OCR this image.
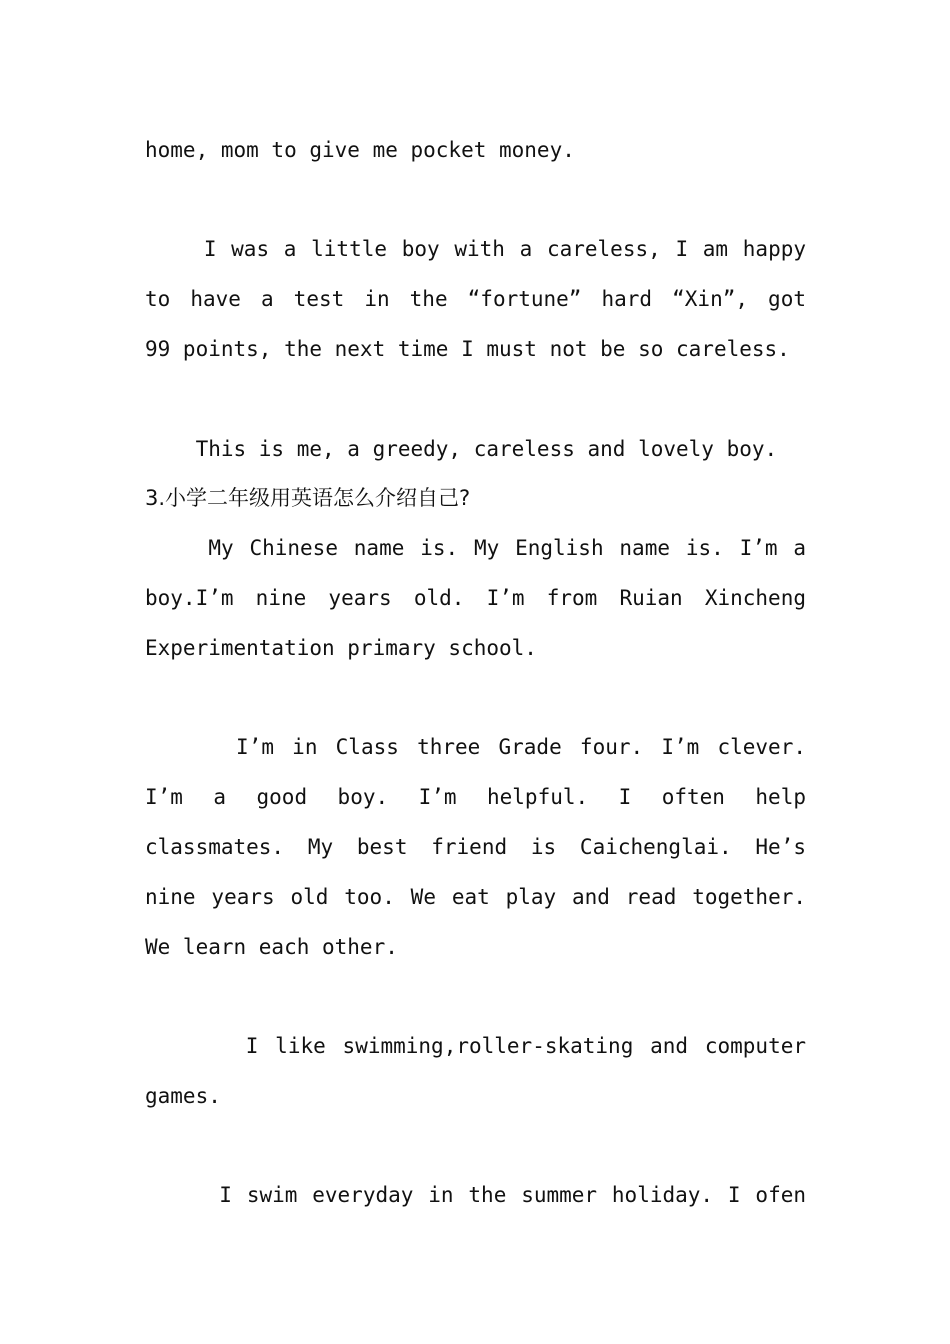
home, mom to give me pocket money.
I was a little boy with a careless, I am happy
to have a test in the “fortune” hard “Xin”, got
99 points, the next time I must not be so careless.
This is me, a greedy, careless and lovely boy.
3.小学二年级用英语怎么介绍自己?
My Chinese name is. My English name is. I’m a
boy.I’m nine years old. I’m from Ruian Xincheng
Experimentation primary school.
I’m in Class three Grade four. I’m clever.
I’m a good boy. I’m helpful. I often help
classmates. My best friend is Caichenglai. He’s
nine years old too. We eat play and read together.
We learn each other.
I like swimming,roller-skating and computer
games.
I swim everyday in the summer holiday. I ofen
